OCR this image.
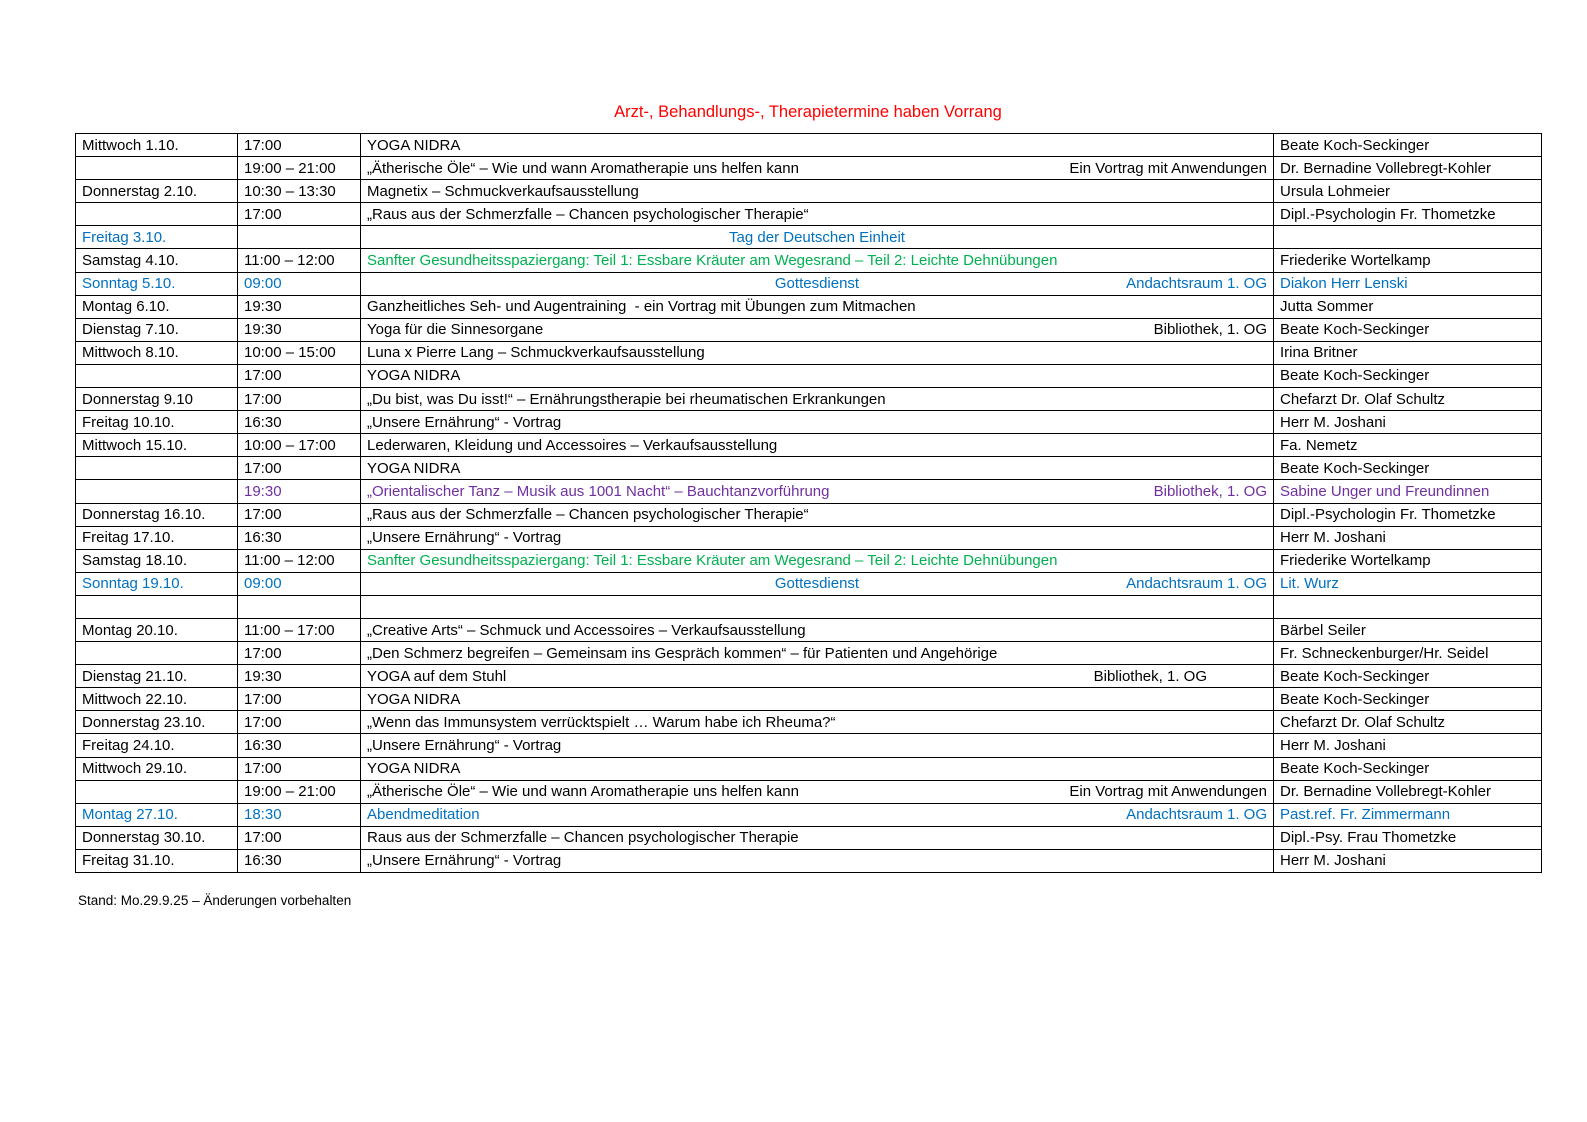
Arzt-, Behandlungs-, Therapietermine haben Vorrang
Mittwoch 1.10.	17:00	YOGA NIDRA	Beate Koch-Seckinger
	19:00 – 21:00	„Ätherische Öle“ – Wie und wann Aromatherapie uns helfen kann Ein Vortrag mit Anwendungen	Dr. Bernadine Vollebregt-Kohler
Donnerstag 2.10.	10:30 – 13:30	Magnetix – Schmuckverkaufsausstellung	Ursula Lohmeier
	17:00	„Raus aus der Schmerzfalle – Chancen psychologischer Therapie“	Dipl.-Psychologin Fr. Thometzke
Freitag 3.10.		Tag der Deutschen Einheit	

Samstag 4.10.	11:00 – 12:00	Sanfter Gesundheitsspaziergang: Teil 1: Essbare Kräuter am Wegesrand – Teil 2: Leichte Dehnübungen	Friederike Wortelkamp
Sonntag 5.10.	09:00	Gottesdienst Andachtsraum 1. OG	Diakon Herr Lenski
Montag 6.10.	19:30	Ganzheitliches Seh- und Augentraining  - ein Vortrag mit Übungen zum Mitmachen	Jutta Sommer
Dienstag 7.10.	19:30	Yoga für die Sinnesorgane Bibliothek, 1. OG	Beate Koch-Seckinger
Mittwoch 8.10.	10:00 – 15:00	Luna x Pierre Lang – Schmuckverkaufsausstellung	Irina Britner
	17:00	YOGA NIDRA	Beate Koch-Seckinger
Donnerstag 9.10	17:00	„Du bist, was Du isst!“ – Ernährungstherapie bei rheumatischen Erkrankungen	Chefarzt Dr. Olaf Schultz
Freitag 10.10.	16:30	„Unsere Ernährung“ - Vortrag	Herr M. Joshani
Mittwoch 15.10.	10:00 – 17:00	Lederwaren, Kleidung und Accessoires – Verkaufsausstellung	Fa. Nemetz
	17:00	YOGA NIDRA	Beate Koch-Seckinger
	19:30	„Orientalischer Tanz – Musik aus 1001 Nacht“ – Bauchtanzvorführung Bibliothek, 1. OG	Sabine Unger und Freundinnen
Donnerstag 16.10.	17:00	„Raus aus der Schmerzfalle – Chancen psychologischer Therapie“	Dipl.-Psychologin Fr. Thometzke
Freitag 17.10.	16:30	„Unsere Ernährung“ - Vortrag	Herr M. Joshani
Samstag 18.10.	11:00 – 12:00	Sanfter Gesundheitsspaziergang: Teil 1: Essbare Kräuter am Wegesrand – Teil 2: Leichte Dehnübungen	Friederike Wortelkamp
Sonntag 19.10.	09:00	Gottesdienst Andachtsraum 1. OG	Lit. Wurz

Montag 20.10.	11:00 – 17:00	„Creative Arts“ – Schmuck und Accessoires – Verkaufsausstellung	Bärbel Seiler
	17:00	„Den Schmerz begreifen – Gemeinsam ins Gespräch kommen“ – für Patienten und Angehörige	Fr. Schneckenburger/Hr. Seidel
Dienstag 21.10.	19:30	YOGA auf dem Stuhl Bibliothek, 1. OG	Beate Koch-Seckinger
Mittwoch 22.10.	17:00	YOGA NIDRA	Beate Koch-Seckinger
Donnerstag 23.10.	17:00	„Wenn das Immunsystem verrücktspielt … Warum habe ich Rheuma?“	Chefarzt Dr. Olaf Schultz
Freitag 24.10.	16:30	„Unsere Ernährung“ - Vortrag	Herr M. Joshani
Mittwoch 29.10.	17:00	YOGA NIDRA	Beate Koch-Seckinger
	19:00 – 21:00	„Ätherische Öle“ – Wie und wann Aromatherapie uns helfen kann Ein Vortrag mit Anwendungen	Dr. Bernadine Vollebregt-Kohler
Montag 27.10.	18:30	Abendmeditation Andachtsraum 1. OG	Past.ref. Fr. Zimmermann
Donnerstag 30.10.	17:00	Raus aus der Schmerzfalle – Chancen psychologischer Therapie	Dipl.-Psy. Frau Thometzke
Freitag 31.10.	16:30	„Unsere Ernährung“ - Vortrag	Herr M. Joshani
Stand: Mo.29.9.25 – Änderungen vorbehalten
